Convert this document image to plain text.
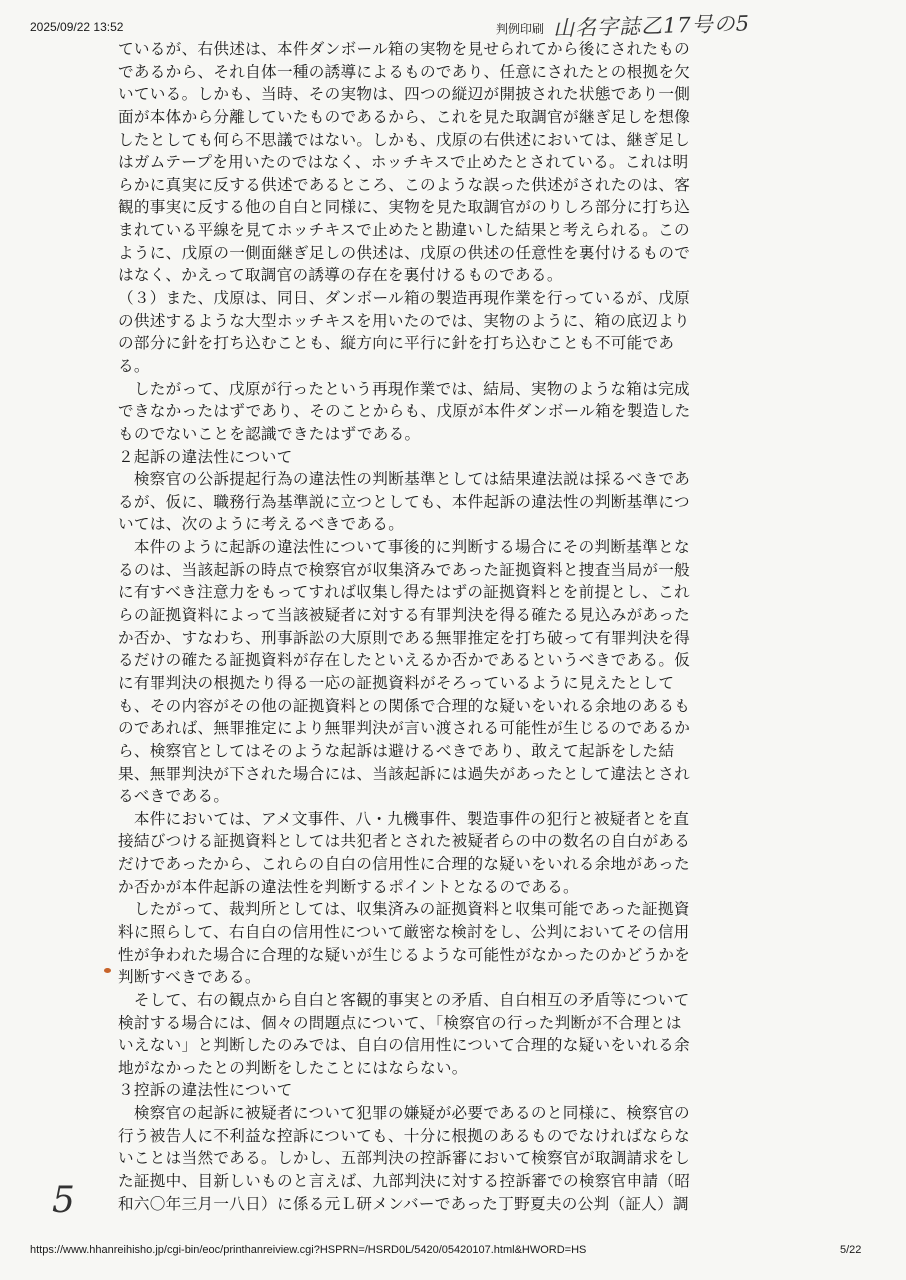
2025/09/22 13:52	判例印刷 山名字誌乙17号の5
ているが、右供述は、本件ダンボール箱の実物を見せられてから後にされたもの
であるから、それ自体一種の誘導によるものであり、任意にされたとの根拠を欠
いている。しかも、当時、その実物は、四つの縦辺が開披された状態であり一側
面が本体から分離していたものであるから、これを見た取調官が継ぎ足しを想像
したとしても何ら不思議ではない。しかも、戊原の右供述においては、継ぎ足し
はガムテープを用いたのではなく、ホッチキスで止めたとされている。これは明
らかに真実に反する供述であるところ、このような誤った供述がされたのは、客
観的事実に反する他の自白と同様に、実物を見た取調官がのりしろ部分に打ち込
まれている平線を見てホッチキスで止めたと勘違いした結果と考えられる。この
ように、戊原の一側面継ぎ足しの供述は、戊原の供述の任意性を裏付けるもので
はなく、かえって取調官の誘導の存在を裏付けるものである。
（３）また、戊原は、同日、ダンボール箱の製造再現作業を行っているが、戊原
の供述するような大型ホッチキスを用いたのでは、実物のように、箱の底辺より
の部分に針を打ち込むことも、縦方向に平行に針を打ち込むことも不可能であ
る。
　したがって、戊原が行ったという再現作業では、結局、実物のような箱は完成
できなかったはずであり、そのことからも、戊原が本件ダンボール箱を製造した
ものでないことを認識できたはずである。
２起訴の違法性について
　検察官の公訴提起行為の違法性の判断基準としては結果違法説は採るべきであ
るが、仮に、職務行為基準説に立つとしても、本件起訴の違法性の判断基準につ
いては、次のように考えるべきである。
　本件のように起訴の違法性について事後的に判断する場合にその判断基準とな
るのは、当該起訴の時点で検察官が収集済みであった証拠資料と捜査当局が一般
に有すべき注意力をもってすれば収集し得たはずの証拠資料とを前提とし、これ
らの証拠資料によって当該被疑者に対する有罪判決を得る確たる見込みがあった
か否か、すなわち、刑事訴訟の大原則である無罪推定を打ち破って有罪判決を得
るだけの確たる証拠資料が存在したといえるか否かであるというべきである。仮
に有罪判決の根拠たり得る一応の証拠資料がそろっているように見えたとして
も、その内容がその他の証拠資料との関係で合理的な疑いをいれる余地のあるも
のであれば、無罪推定により無罪判決が言い渡される可能性が生じるのであるか
ら、検察官としてはそのような起訴は避けるべきであり、敢えて起訴をした結
果、無罪判決が下された場合には、当該起訴には過失があったとして違法とされ
るべきである。
　本件においては、アメ文事件、八・九機事件、製造事件の犯行と被疑者とを直
接結びつける証拠資料としては共犯者とされた被疑者らの中の数名の自白がある
だけであったから、これらの自白の信用性に合理的な疑いをいれる余地があった
か否かが本件起訴の違法性を判断するポイントとなるのである。
　したがって、裁判所としては、収集済みの証拠資料と収集可能であった証拠資
料に照らして、右自白の信用性について厳密な検討をし、公判においてその信用
性が争われた場合に合理的な疑いが生じるような可能性がなかったのかどうかを
判断すべきである。
　そして、右の観点から自白と客観的事実との矛盾、自白相互の矛盾等について
検討する場合には、個々の問題点について、「検察官の行った判断が不合理とは
いえない」と判断したのみでは、自白の信用性について合理的な疑いをいれる余
地がなかったとの判断をしたことにはならない。
３控訴の違法性について
　検察官の起訴に被疑者について犯罪の嫌疑が必要であるのと同様に、検察官の
行う被告人に不利益な控訴についても、十分に根拠のあるものでなければならな
いことは当然である。しかし、五部判決の控訴審において検察官が取調請求をし
た証拠中、目新しいものと言えば、九部判決に対する控訴審での検察官申請（昭
和六〇年三月一八日）に係る元Ｌ研メンバーであった丁野夏夫の公判（証人）調
5
https://www.hhanreihisho.jp/cgi-bin/eoc/printhanreiview.cgi?HSPRN=/HSRD0L/5420/05420107.html&HWORD=HS	5/22
